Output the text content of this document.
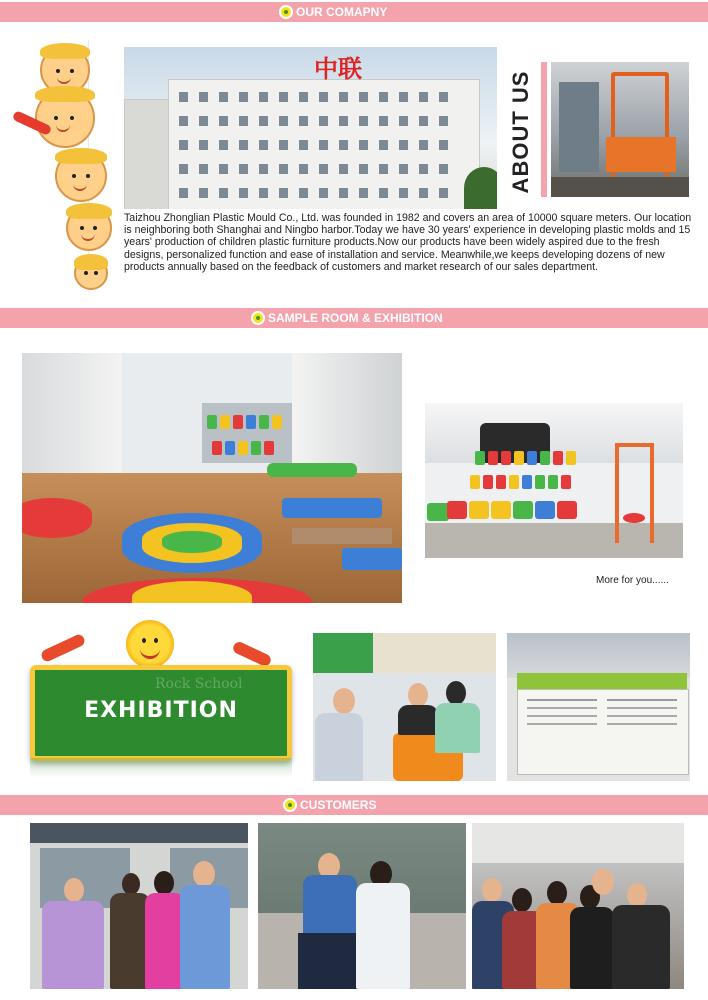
OUR COMAPNY
中联
ABOUT US

Taizhou Zhonglian Plastic Mould Co., Ltd. was founded in 1982 and covers an area of 10000 square meters. Our location is neighboring both Shanghai and Ningbo harbor.Today we have 30 years' experience in developing plastic molds and 15 years' production of children plastic furniture products.Now our products have been widely aspired due to the fresh designs, personalized function and ease of installation and service. Meanwhile,we keeps developing dozens of new products annually based on the feedback of customers and market research of our sales department.

SAMPLE ROOM & EXHIBITION
More for you......
EXHIBITION
Rock School
CUSTOMERS
